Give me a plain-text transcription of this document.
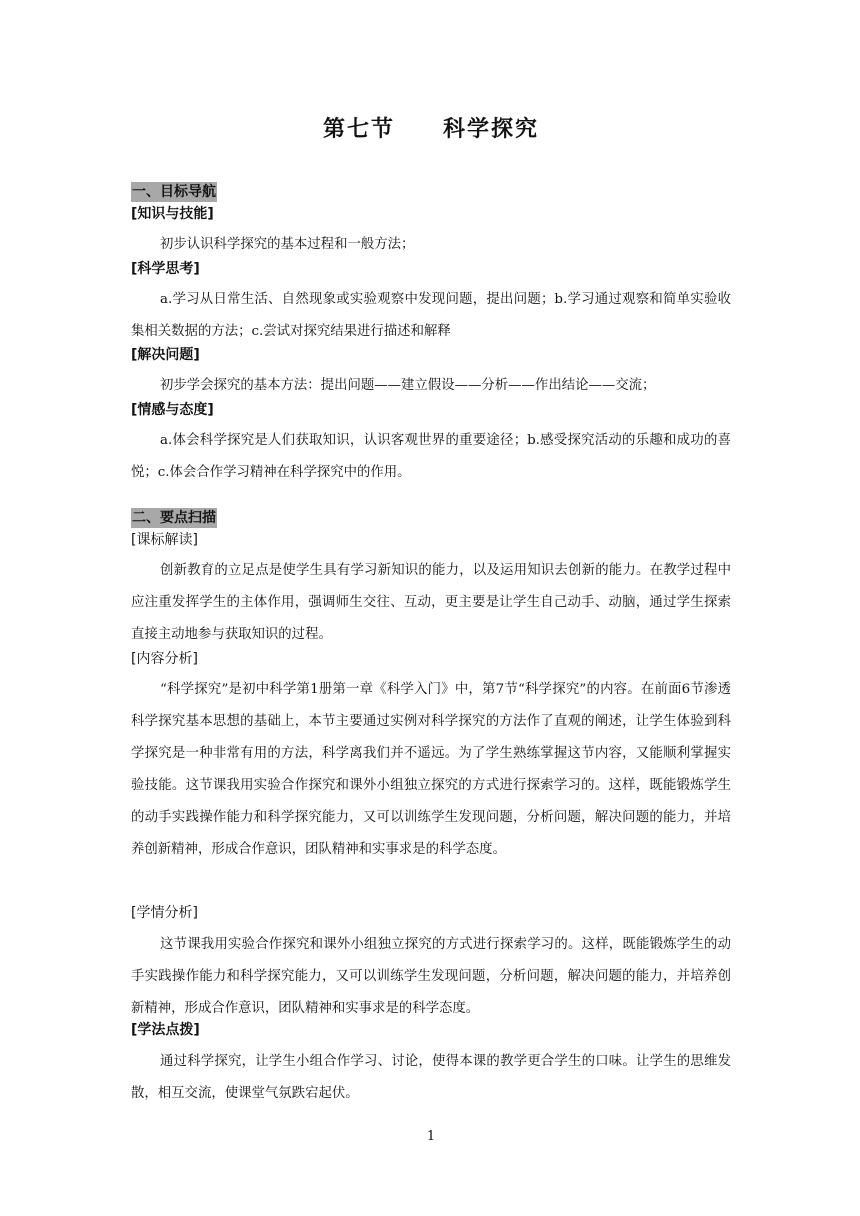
第七节　　科学探究
一、目标导航
[知识与技能]

初步认识科学探究的基本过程和一般方法；

[科学思考]

a.学习从日常生活、自然现象或实验观察中发现问题，提出问题；b.学习通过观察和简单实验收集相关数据的方法；c.尝试对探究结果进行描述和解释

[解决问题]

初步学会探究的基本方法：提出问题——建立假设——分析——作出结论——交流；

[情感与态度]

a.体会科学探究是人们获取知识，认识客观世界的重要途径；b.感受探究活动的乐趣和成功的喜悦；c.体会合作学习精神在科学探究中的作用。

二、要点扫描
[课标解读]

创新教育的立足点是使学生具有学习新知识的能力，以及运用知识去创新的能力。在教学过程中应注重发挥学生的主体作用，强调师生交往、互动，更主要是让学生自己动手、动脑，通过学生探索直接主动地参与获取知识的过程。

[内容分析]

“科学探究”是初中科学第1册第一章《科学入门》中，第7节“科学探究”的内容。在前面6节渗透科学探究基本思想的基础上，本节主要通过实例对科学探究的方法作了直观的阐述，让学生体验到科学探究是一种非常有用的方法，科学离我们并不遥远。为了学生熟练掌握这节内容，又能顺利掌握实验技能。这节课我用实验合作探究和课外小组独立探究的方式进行探索学习的。这样，既能锻炼学生的动手实践操作能力和科学探究能力，又可以训练学生发现问题，分析问题，解决问题的能力，并培养创新精神，形成合作意识，团队精神和实事求是的科学态度。

[学情分析]

这节课我用实验合作探究和课外小组独立探究的方式进行探索学习的。这样，既能锻炼学生的动手实践操作能力和科学探究能力，又可以训练学生发现问题，分析问题，解决问题的能力，并培养创新精神，形成合作意识，团队精神和实事求是的科学态度。

[学法点拨]

通过科学探究，让学生小组合作学习、讨论，使得本课的教学更合学生的口味。让学生的思维发散，相互交流，使课堂气氛跌宕起伏。

1
